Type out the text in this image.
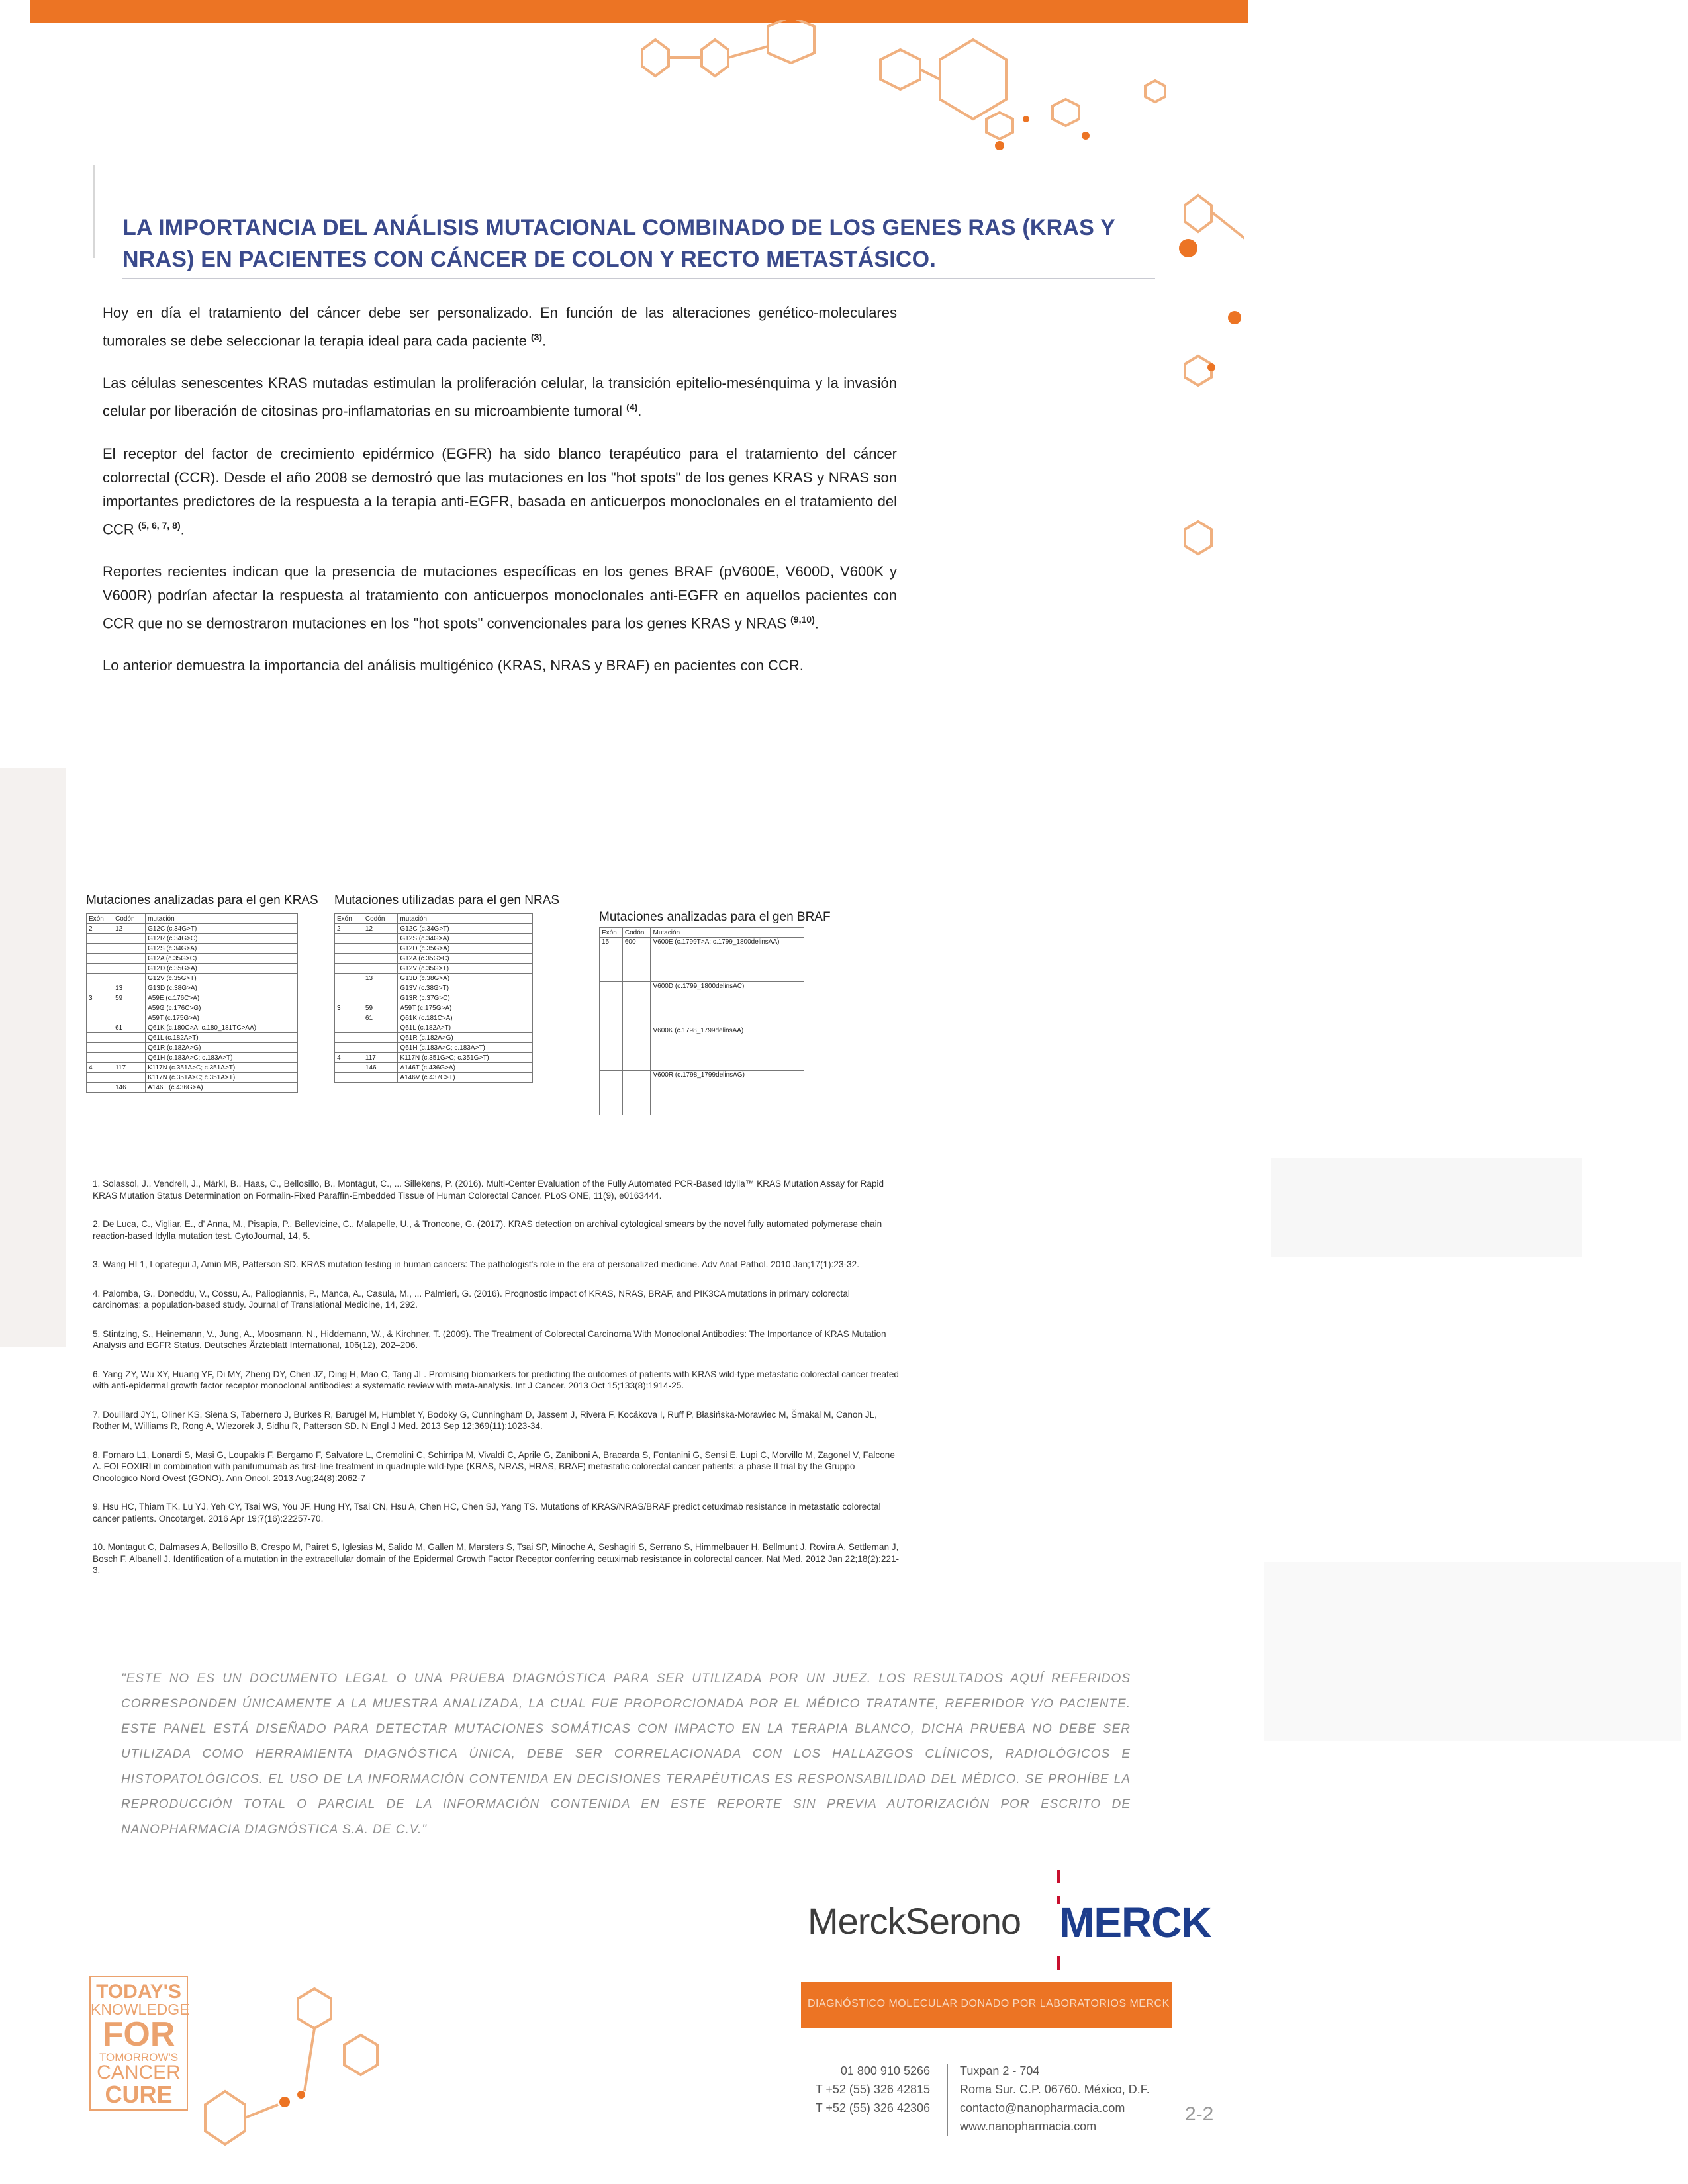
LA IMPORTANCIA DEL ANÁLISIS MUTACIONAL COMBINADO DE LOS GENES RAS (KRAS Y NRAS) EN PACIENTES CON CÁNCER DE COLON Y RECTO METASTÁSICO.

Hoy en día el tratamiento del cáncer debe ser personalizado. En función de las alteraciones genético-moleculares tumorales se debe seleccionar la terapia ideal para cada paciente $^{(3)}$.

Las células senescentes KRAS mutadas estimulan la proliferación celular, la transición epitelio-mesénquima y la invasión celular por liberación de citosinas pro-inflamatorias en su microambiente tumoral $^{(4)}$.

El receptor del factor de crecimiento epidérmico (EGFR) ha sido blanco terapéutico para el tratamiento del cáncer colorrectal (CCR). Desde el año 2008 se demostró que las mutaciones en los "hot spots" de los genes KRAS y NRAS son importantes predictores de la respuesta a la terapia anti-EGFR, basada en anticuerpos monoclonales en el tratamiento del CCR $^{(5, 6, 7, 8)}$.

Reportes recientes indican que la presencia de mutaciones específicas en los genes BRAF (pV600E, V600D, V600K y V600R) podrían afectar la respuesta al tratamiento con anticuerpos monoclonales anti-EGFR en aquellos pacientes con CCR que no se demostraron mutaciones en los "hot spots" convencionales para los genes KRAS y NRAS $^{(9,10)}$.

Lo anterior demuestra la importancia del análisis multigénico (KRAS, NRAS y BRAF) en pacientes con CCR.

Mutaciones analizadas para el gen KRAS
Exón	Codón	mutación
2	12	G12C (c.34G>T)
		G12R (c.34G>C)
		G12S (c.34G>A)
		G12A (c.35G>C)
		G12D (c.35G>A)
		G12V (c.35G>T)
	13	G13D (c.38G>A)
3	59	A59E (c.176C>A)
		A59G (c.176C>G)
		A59T (c.175G>A)
	61	Q61K (c.180C>A; c.180_181TC>AA)
		Q61L (c.182A>T)
		Q61R (c.182A>G)
		Q61H (c.183A>C; c.183A>T)
4	117	K117N (c.351A>C; c.351A>T)
		K117N (c.351A>C; c.351A>T)
	146	A146T (c.436G>A)
Mutaciones utilizadas para el gen NRAS
Exón	Codón	mutación
2	12	G12C (c.34G>T)
		G12S (c.34G>A)
		G12D (c.35G>A)
		G12A (c.35G>C)
		G12V (c.35G>T)
	13	G13D (c.38G>A)
		G13V (c.38G>T)
		G13R (c.37G>C)
3	59	A59T (c.175G>A)
	61	Q61K (c.181C>A)
		Q61L (c.182A>T)
		Q61R (c.182A>G)
		Q61H (c.183A>C; c.183A>T)
4	117	K117N (c.351G>C; c.351G>T)
	146	A146T (c.436G>A)
		A146V (c.437C>T)
Mutaciones analizadas para el gen BRAF
Exón	Codón	Mutación
15	600	V600E (c.1799T>A; c.1799_1800delinsAA)
		V600D (c.1799_1800delinsAC)
		V600K (c.1798_1799delinsAA)
		V600R (c.1798_1799delinsAG)

1. Solassol, J., Vendrell, J., Märkl, B., Haas, C., Bellosillo, B., Montagut, C., ... Sillekens, P. (2016). Multi-Center Evaluation of the Fully Automated PCR-Based Idylla™ KRAS Mutation Assay for Rapid KRAS Mutation Status Determination on Formalin-Fixed Paraffin-Embedded Tissue of Human Colorectal Cancer. PLoS ONE, 11(9), e0163444.

2. De Luca, C., Vigliar, E., d' Anna, M., Pisapia, P., Bellevicine, C., Malapelle, U., & Troncone, G. (2017). KRAS detection on archival cytological smears by the novel fully automated polymerase chain reaction-based Idylla mutation test. CytoJournal, 14, 5.

3. Wang HL1, Lopategui J, Amin MB, Patterson SD. KRAS mutation testing in human cancers: The pathologist's role in the era of personalized medicine. Adv Anat Pathol. 2010 Jan;17(1):23-32.

4. Palomba, G., Doneddu, V., Cossu, A., Paliogiannis, P., Manca, A., Casula, M., ... Palmieri, G. (2016). Prognostic impact of KRAS, NRAS, BRAF, and PIK3CA mutations in primary colorectal carcinomas: a population-based study. Journal of Translational Medicine, 14, 292.

5. Stintzing, S., Heinemann, V., Jung, A., Moosmann, N., Hiddemann, W., & Kirchner, T. (2009). The Treatment of Colorectal Carcinoma With Monoclonal Antibodies: The Importance of KRAS Mutation Analysis and EGFR Status. Deutsches Ärzteblatt International, 106(12), 202–206.

6. Yang ZY, Wu XY, Huang YF, Di MY, Zheng DY, Chen JZ, Ding H, Mao C, Tang JL. Promising biomarkers for predicting the outcomes of patients with KRAS wild-type metastatic colorectal cancer treated with anti-epidermal growth factor receptor monoclonal antibodies: a systematic review with meta-analysis. Int J Cancer. 2013 Oct 15;133(8):1914-25.

7. Douillard JY1, Oliner KS, Siena S, Tabernero J, Burkes R, Barugel M, Humblet Y, Bodoky G, Cunningham D, Jassem J, Rivera F, Kocákova I, Ruff P, Błasińska-Morawiec M, Šmakal M, Canon JL, Rother M, Williams R, Rong A, Wiezorek J, Sidhu R, Patterson SD. N Engl J Med. 2013 Sep 12;369(11):1023-34.

8. Fornaro L1, Lonardi S, Masi G, Loupakis F, Bergamo F, Salvatore L, Cremolini C, Schirripa M, Vivaldi C, Aprile G, Zaniboni A, Bracarda S, Fontanini G, Sensi E, Lupi C, Morvillo M, Zagonel V, Falcone A. FOLFOXIRI in combination with panitumumab as first-line treatment in quadruple wild-type (KRAS, NRAS, HRAS, BRAF) metastatic colorectal cancer patients: a phase II trial by the Gruppo Oncologico Nord Ovest (GONO). Ann Oncol. 2013 Aug;24(8):2062-7

9. Hsu HC, Thiam TK, Lu YJ, Yeh CY, Tsai WS, You JF, Hung HY, Tsai CN, Hsu A, Chen HC, Chen SJ, Yang TS. Mutations of KRAS/NRAS/BRAF predict cetuximab resistance in metastatic colorectal cancer patients. Oncotarget. 2016 Apr 19;7(16):22257-70.

10. Montagut C, Dalmases A, Bellosillo B, Crespo M, Pairet S, Iglesias M, Salido M, Gallen M, Marsters S, Tsai SP, Minoche A, Seshagiri S, Serrano S, Himmelbauer H, Bellmunt J, Rovira A, Settleman J, Bosch F, Albanell J. Identification of a mutation in the extracellular domain of the Epidermal Growth Factor Receptor conferring cetuximab resistance in colorectal cancer. Nat Med. 2012 Jan 22;18(2):221-3.

"ESTE NO ES UN DOCUMENTO LEGAL O UNA PRUEBA DIAGNÓSTICA PARA SER UTILIZADA POR UN JUEZ. LOS RESULTADOS AQUÍ REFERIDOS CORRESPONDEN ÚNICAMENTE A LA MUESTRA ANALIZADA, LA CUAL FUE PROPORCIONADA POR EL MÉDICO TRATANTE, REFERIDOR Y/O PACIENTE. ESTE PANEL ESTÁ DISEÑADO PARA DETECTAR MUTACIONES SOMÁTICAS CON IMPACTO EN LA TERAPIA BLANCO, DICHA PRUEBA NO DEBE SER UTILIZADA COMO HERRAMIENTA DIAGNÓSTICA ÚNICA, DEBE SER CORRELACIONADA CON LOS HALLAZGOS CLÍNICOS, RADIOLÓGICOS E HISTOPATOLÓGICOS. EL USO DE LA INFORMACIÓN CONTENIDA EN DECISIONES TERAPÉUTICAS ES RESPONSABILIDAD DEL MÉDICO. SE PROHÍBE LA REPRODUCCIÓN TOTAL O PARCIAL DE LA INFORMACIÓN CONTENIDA EN ESTE REPORTE SIN PREVIA AUTORIZACIÓN POR ESCRITO DE NANOPHARMACIA DIAGNÓSTICA S.A. DE C.V."
MerckSerono MERCK
DIAGNÓSTICO MOLECULAR DONADO POR LABORATORIOS MERCK
01 800 910 5266
T +52 (55) 326 42815
T +52 (55) 326 42306
Tuxpan 2 - 704
Roma Sur. C.P. 06760. México, D.F.
contacto@nanopharmacia.com
www.nanopharmacia.com
2-2
TODAY'S
KNOWLEDGE
FOR
TOMORROW'S
CANCER
CURE
